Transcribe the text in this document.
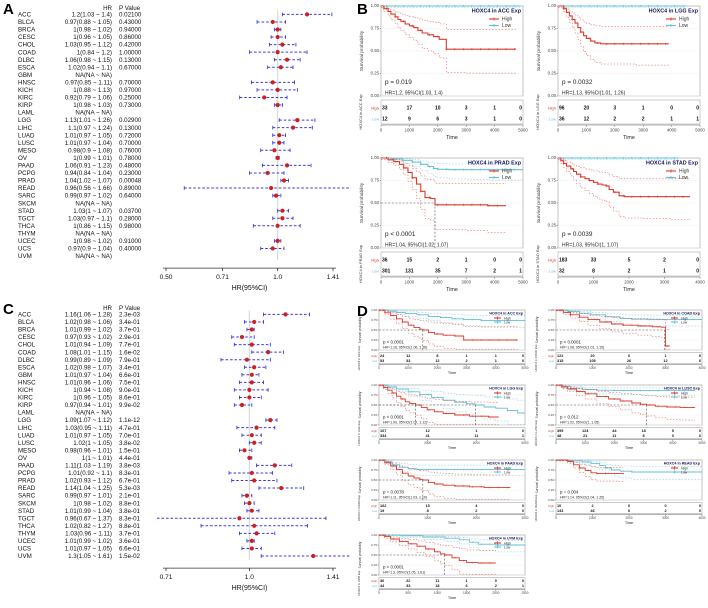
A	B
C	D
HR P Value
ACC	1.2(1.03 ~ 1.4) 0.02100
BLCA	0.97(0.88 ~ 1.05) 0.43000
BRCA	1(0.98 ~ 1.02) 0.94000
CESC	1(0.96 ~ 1.05) 0.86000
CHOL	1.03(0.95 ~ 1.12) 0.42000
COAD	1(0.84 ~ 1.2) 1.00000
DLBC	1.06(0.98 ~ 1.15) 0.13000
ESCA	1.02(0.94 ~ 1.1) 0.67000
GBM	NA(NA ~ NA)
HNSC	0.97(0.85 ~ 1.11) 0.70000
KICH	1(0.88 ~ 1.13) 0.97000
KIRC	0.92(0.79 ~ 1.06) 0.25000
KIRP	1(0.98 ~ 1.03) 0.73000
LAML	NA(NA ~ NA)
LGG	1.13(1.01 ~ 1.26) 0.02900
LIHC	1.1(0.97 ~ 1.24) 0.13000
LUAD	1.01(0.97 ~ 1.05) 0.72000
LUSC	1.01(0.97 ~ 1.04) 0.70000
MESO	0.98(0.9 ~ 1.08) 0.76000
OV	1(0.99 ~ 1.01) 0.78000
PAAD	1.06(0.91 ~ 1.23) 0.48000
PCPG	0.94(0.84 ~ 1.04) 0.23000
PRAD	1.04(1.02 ~ 1.07) 0.00048
READ	0.96(0.56 ~ 1.66) 0.89000
SARC	0.99(0.97 ~ 1.02) 0.64000
SKCM	NA(NA ~ NA)
STAD	1.03(1 ~ 1.07) 0.03700
TGCT	1.03(0.97 ~ 1.1) 0.28000
THCA	1(0.86 ~ 1.15) 0.98000
THYM	NA(NA ~ NA)
UCEC	1(0.98 ~ 1.02) 0.91000
UCS	0.97(0.9 ~ 1.04) 0.40000
UVM	NA(NA ~ NA)
0.50	0.71	1.0	1.41
HR(95%CI)
HR P Value
ACC	1.16(1.06 ~ 1.28) 2.3e-03
BLCA	1.02(0.98 ~ 1.06) 3.4e-01
BRCA	1.01(0.99 ~ 1.02) 3.7e-01
CESC	0.97(0.93 ~ 1.02) 2.9e-01
CHOL	1.01(0.94 ~ 1.09) 7.7e-01
COAD	1.08(1.01 ~ 1.15) 1.6e-02
DLBC	0.99(0.89 ~ 1.09) 7.9e-01
ESCA	1.02(0.98 ~ 1.07) 3.4e-01
GBM	1.01(0.97 ~ 1.04) 6.6e-01
HNSC	1.01(0.96 ~ 1.06) 7.5e-01
KICH	1(0.94 ~ 1.08) 9.0e-01
KIRC	1(0.96 ~ 1.05) 8.6e-01
KIRP	0.97(0.94 ~ 1.01) 9.9e-02
LAML	NA(NA ~ NA)
LGG	1.09(1.07 ~ 1.12) 1.1e-12
LIHC	1.03(0.95 ~ 1.11) 4.7e-01
LUAD	1.01(0.97 ~ 1.05) 7.0e-01
LUSC	1.02(1 ~ 1.05) 3.8e-02
MESO	0.98(0.96 ~ 1.01) 1.5e-01
OV	1(1 ~ 1.01) 4.4e-01
PAAD	1.11(1.03 ~ 1.19) 3.8e-03
PCPG	1.01(0.92 ~ 1.1) 8.3e-01
PRAD	1.02(0.93 ~ 1.12) 6.7e-01
READ	1.14(1.04 ~ 1.25) 5.3e-03
SARC	0.99(0.97 ~ 1.01) 2.1e-01
SKCM	1(0.98 ~ 1.02) 8.8e-01
STAD	1.01(0.99 ~ 1.04) 3.8e-01
TGCT	0.96(0.67 ~ 1.37) 8.3e-01
THCA	1.02(0.82 ~ 1.27) 8.8e-01
THYM	1.03(0.96 ~ 1.11) 3.7e-01
UCEC	1.01(0.99 ~ 1.02) 3.6e-01
UCS	1.01(0.97 ~ 1.05) 6.6e-01
UVM	1.3(1.05 ~ 1.61) 1.5e-02
0.71	1.0	1.41
HR(95%CI)
1.00
0.75
0.50
0.25
0.00
Survival probability
HOXC4 in ACC Exp
High
Low
p = 0.019
HR=1.2, 95%CI(1.03, 1.4)
High 33	17	10	3	1	0
Low 12	9	6	3	1	0
HOXC4 in ACC Exp
0	1000	2000	3000	4000	5000
Time
1.00
0.75
0.50
0.25
0.00
Survival probability
HOXC4 in LGG Exp
High
Low
p = 0.0032
HR=1.13, 95%CI(1.01, 1.26)
High 96	20	3	1	0	0
Low 36	12	2	2	1	1
HOXC4 in LGG Exp
0	1000	2000	3000	4000	5000
Time
1.00
0.75
0.50
0.25
0.00
Survival probability
HOXC4 in PRAD Exp
High
Low
p < 0.0001
HR=1.04, 95%CI(1.02, 1.07)
High 36	15	2	1	0	0
Low 301	131	35	7	2	1
HOXC4 in PRAD Exp	0	1000	2000	3000	4000	5000
Time
1.00
0.75
0.50
0.25
0.00
Survival probability
HOXC4 in STAD Exp
High
Low
p = 0.0039
HR=1.03, 95%CI(1, 1.07)
High 183	33	5	2	0
Low 32	8	2	1	0
HOXC4 in STAD Exp	0	1000	2000	3000	4000
Time
1.00
0.75
0.50
0.25
0.00
Survival probability
HOXC4 in ACC Exp
High
Low
p < 0.0001
HR=1.16, 95%CI(1.06, 1.28)
High 24	12	8	1	1	0
Low 53	33	12	2	1	0
HOXC4 in ACC Exp	0	1000	2000	3000	4000	5000
Time
1.00
0.75
0.50
0.25
0.00
Survival probability
HOXC4 in COAD Exp
High
Low
p < 0.0001
HR=1.08, 95%CI(1.01, 1.15)
High 122	20	6	1	0
Low 315	105	26	12	6
HOXC4 in COAD Exp	0	1000	2000	3000	4000
Time
1.00
0.75
0.50
0.25
0.00
Survival probability
HOXC4 in LGG Exp
High
Low
p < 0.0001
HR=1.09, 95%CI(1.07, 1.12)
High 167	12	1	0
Low 334	41	11	1
HOXC4 in LGG Exp	0	2000	4000	6000
Time
1.00
0.75
0.50
0.25
0.00
Survival probability
HOXC4 in LUSC Exp
High
Low
p = 0.012
HR=1.02, 95%CI(1, 1.05)
High 395	124	44	18	5	0
Low 48	21	11	8	0	0
HOXC4 in LUSC Exp	0	1000	2000	3000	4000	5000
Time
1.00
0.75
0.50
0.25
0.00
Survival probability
HOXC4 in PAAD Exp
High
Low
p = 0.0078
HR=1.11, 95%CI(1.03, 1.19)
High 162	15	4	0
Low 19	8	2	0
HOXC4 in PAAD Exp	0	1000	2000	3000
Time
1.00
0.75
0.50
0.25
0.00
Survival probability
HOXC4 in READ Exp
High
Low
p = 0.004
HR=1.14, 95%CI(1.04, 1.25)
High 10	2	0	0	0
Low 143	46	6	2	0
HOXC4 in READ Exp	0	1000	2000	3000	4000
Time
1.00
0.75
0.50
0.25
0.00
Survival probability
HOXC4 in UVM Exp
High
Low
p < 0.0001
HR=1.3, 95%CI(1.05, 1.61)
High 36	22	11	1	0	0
Low 44	33	18	6	2	1
HOXC4 in UVM Exp	0	500	1000	1500	2000	2500
Time
